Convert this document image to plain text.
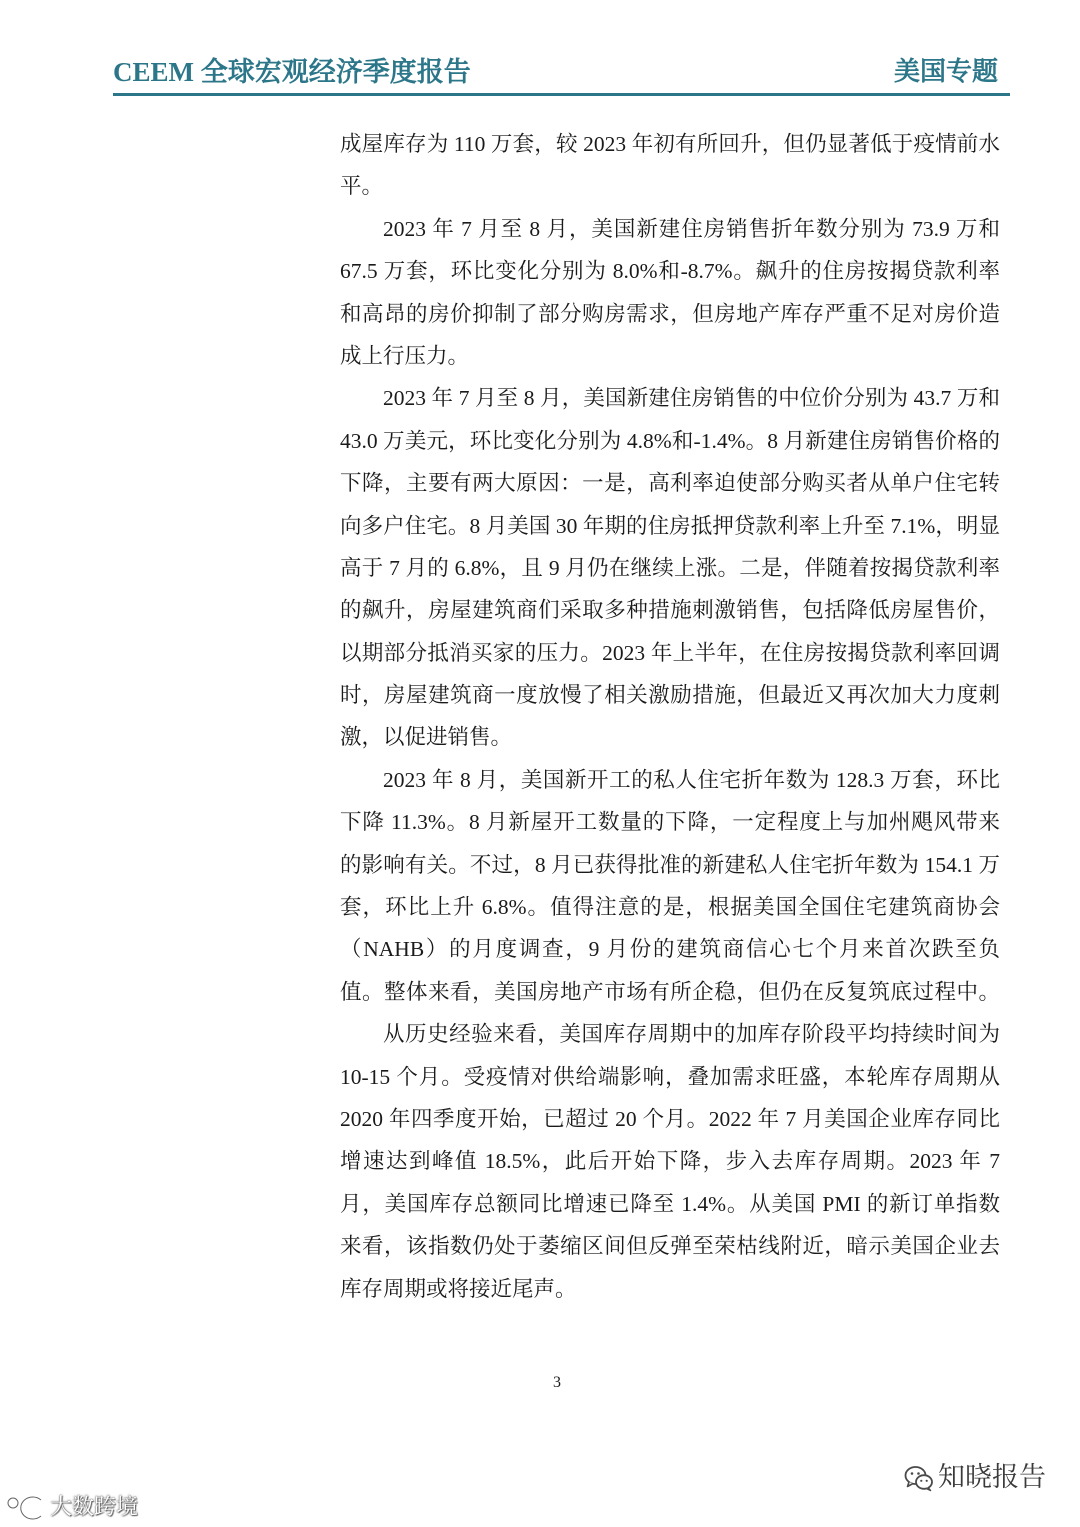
CEEM 全球宏观经济季度报告	美国专题
成屋库存为 110 万套，较 2023 年初有所回升，但仍显著低于疫情前水
平。
2023 年 7 月至 8 月，美国新建住房销售折年数分别为 73.9 万和
67.5 万套，环比变化分别为 8.0%和-8.7%。飙升的住房按揭贷款利率
和高昂的房价抑制了部分购房需求，但房地产库存严重不足对房价造
成上行压力。
2023 年 7 月至 8 月，美国新建住房销售的中位价分别为 43.7 万和
43.0 万美元，环比变化分别为 4.8%和-1.4%。8 月新建住房销售价格的
下降，主要有两大原因：一是，高利率迫使部分购买者从单户住宅转
向多户住宅。8 月美国 30 年期的住房抵押贷款利率上升至 7.1%，明显
高于 7 月的 6.8%，且 9 月仍在继续上涨。二是，伴随着按揭贷款利率
的飙升，房屋建筑商们采取多种措施刺激销售，包括降低房屋售价，
以期部分抵消买家的压力。2023 年上半年，在住房按揭贷款利率回调
时，房屋建筑商一度放慢了相关激励措施，但最近又再次加大力度刺
激，以促进销售。
2023 年 8 月，美国新开工的私人住宅折年数为 128.3 万套，环比
下降 11.3%。8 月新屋开工数量的下降，一定程度上与加州飓风带来
的影响有关。不过，8 月已获得批准的新建私人住宅折年数为 154.1 万
套，环比上升 6.8%。值得注意的是，根据美国全国住宅建筑商协会
（NAHB）的月度调查，9 月份的建筑商信心七个月来首次跌至负
值。整体来看，美国房地产市场有所企稳，但仍在反复筑底过程中。
从历史经验来看，美国库存周期中的加库存阶段平均持续时间为
10-15 个月。受疫情对供给端影响，叠加需求旺盛，本轮库存周期从
2020 年四季度开始，已超过 20 个月。2022 年 7 月美国企业库存同比
增速达到峰值 18.5%，此后开始下降，步入去库存周期。2023 年 7
月，美国库存总额同比增速已降至 1.4%。从美国 PMI 的新订单指数
来看，该指数仍处于萎缩区间但反弹至荣枯线附近，暗示美国企业去
库存周期或将接近尾声。
3
知晓报告
大数跨境
